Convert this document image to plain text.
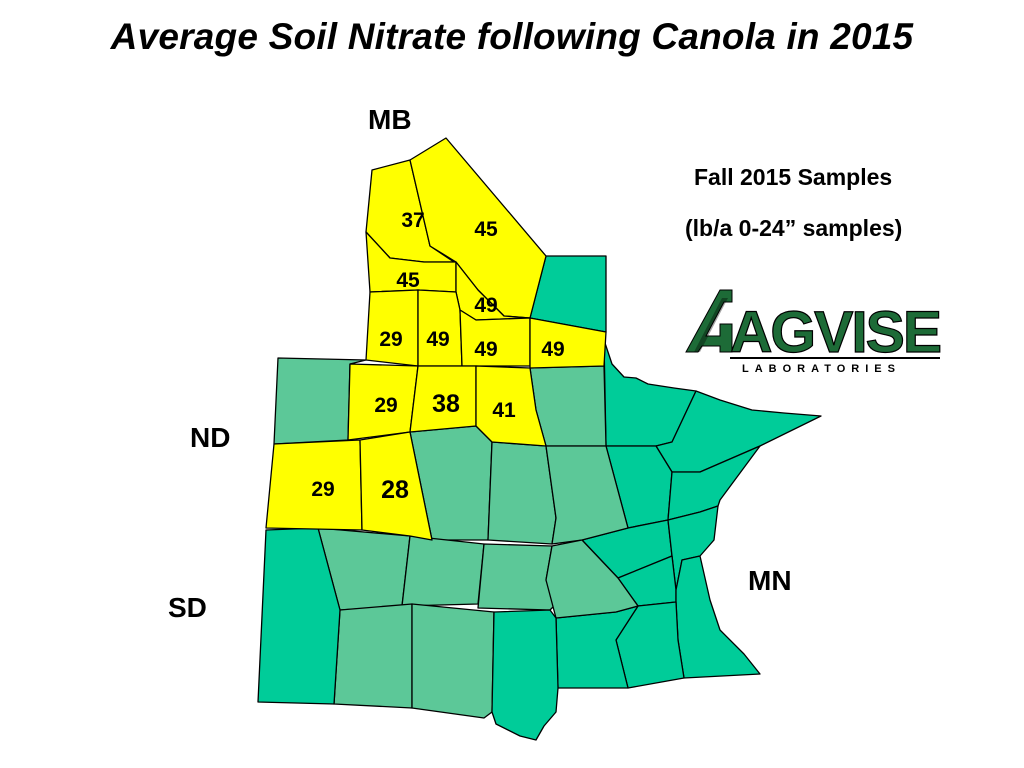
Average Soil Nitrate following Canola in 2015
37 45
45
49
29 49 49 49
29 38 41
29 28
MB
ND
SD
MN
Fall 2015 Samples
(lb/a 0-24” samples)
AGVISE
LABORATORIES
